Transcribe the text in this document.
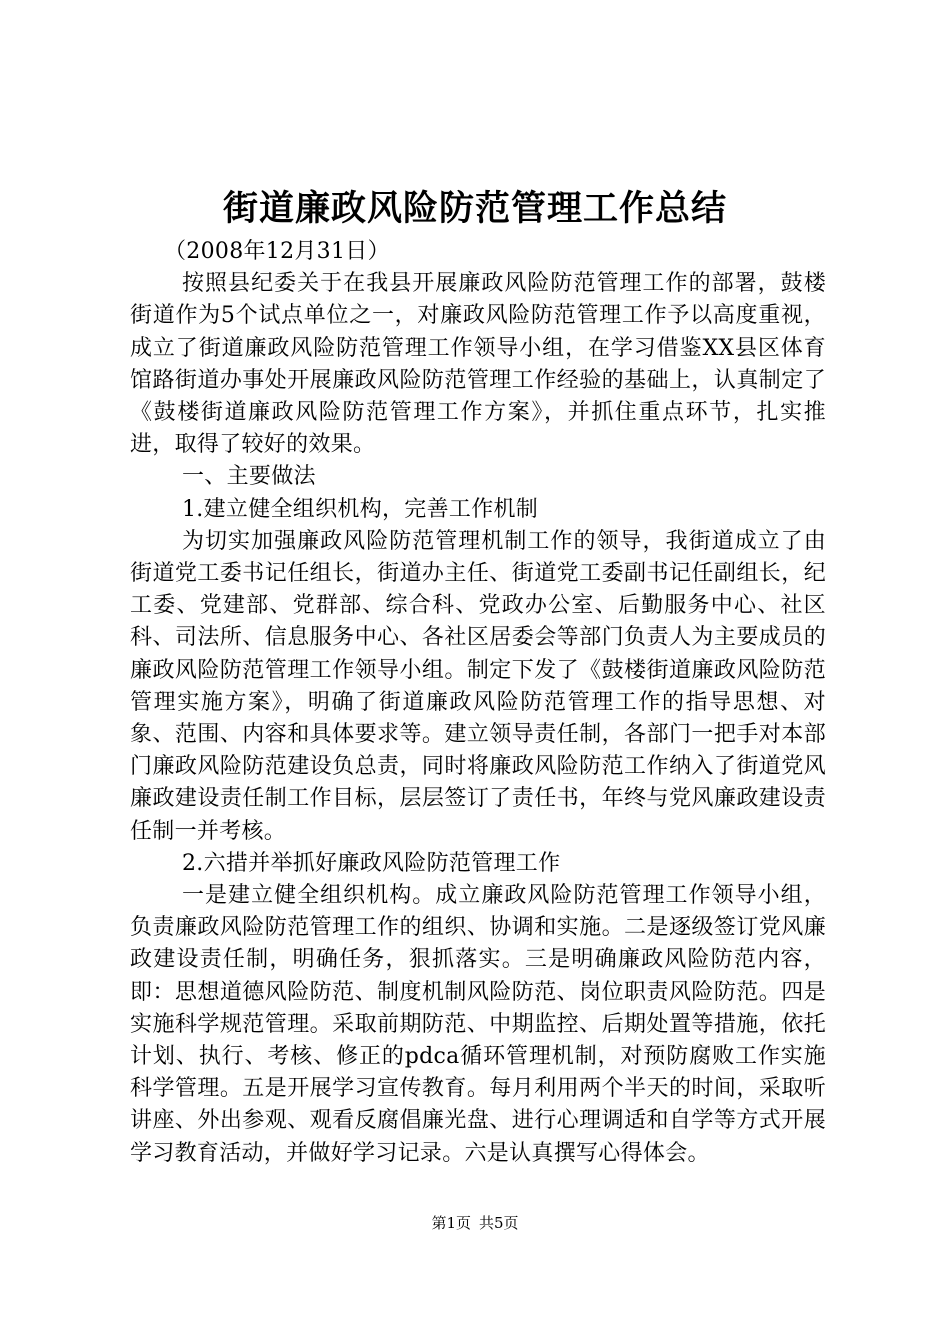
街道廉政风险防范管理工作总结

（2008年12月31日）

按照县纪委关于在我县开展廉政风险防范管理工作的部署，鼓楼街道作为5个试点单位之一，对廉政风险防范管理工作予以高度重视，成立了街道廉政风险防范管理工作领导小组，在学习借鉴XX县区体育馆路街道办事处开展廉政风险防范管理工作经验的基础上，认真制定了《鼓楼街道廉政风险防范管理工作方案》，并抓住重点环节，扎实推进，取得了较好的效果。

一、主要做法

1.建立健全组织机构，完善工作机制

为切实加强廉政风险防范管理机制工作的领导，我街道成立了由街道党工委书记任组长，街道办主任、街道党工委副书记任副组长，纪工委、党建部、党群部、综合科、党政办公室、后勤服务中心、社区科、司法所、信息服务中心、各社区居委会等部门负责人为主要成员的廉政风险防范管理工作领导小组。制定下发了《鼓楼街道廉政风险防范管理实施方案》，明确了街道廉政风险防范管理工作的指导思想、对象、范围、内容和具体要求等。建立领导责任制，各部门一把手对本部门廉政风险防范建设负总责，同时将廉政风险防范工作纳入了街道党风廉政建设责任制工作目标，层层签订了责任书，年终与党风廉政建设责任制一并考核。

2.六措并举抓好廉政风险防范管理工作

一是建立健全组织机构。成立廉政风险防范管理工作领导小组，负责廉政风险防范管理工作的组织、协调和实施。二是逐级签订党风廉政建设责任制，明确任务，狠抓落实。三是明确廉政风险防范内容，即：思想道德风险防范、制度机制风险防范、岗位职责风险防范。四是实施科学规范管理。采取前期防范、中期监控、后期处置等措施，依托计划、执行、考核、修正的pdca循环管理机制，对预防腐败工作实施科学管理。五是开展学习宣传教育。每月利用两个半天的时间，采取听讲座、外出参观、观看反腐倡廉光盘、进行心理调适和自学等方式开展学习教育活动，并做好学习记录。六是认真撰写心得体会。

第1页 共5页
